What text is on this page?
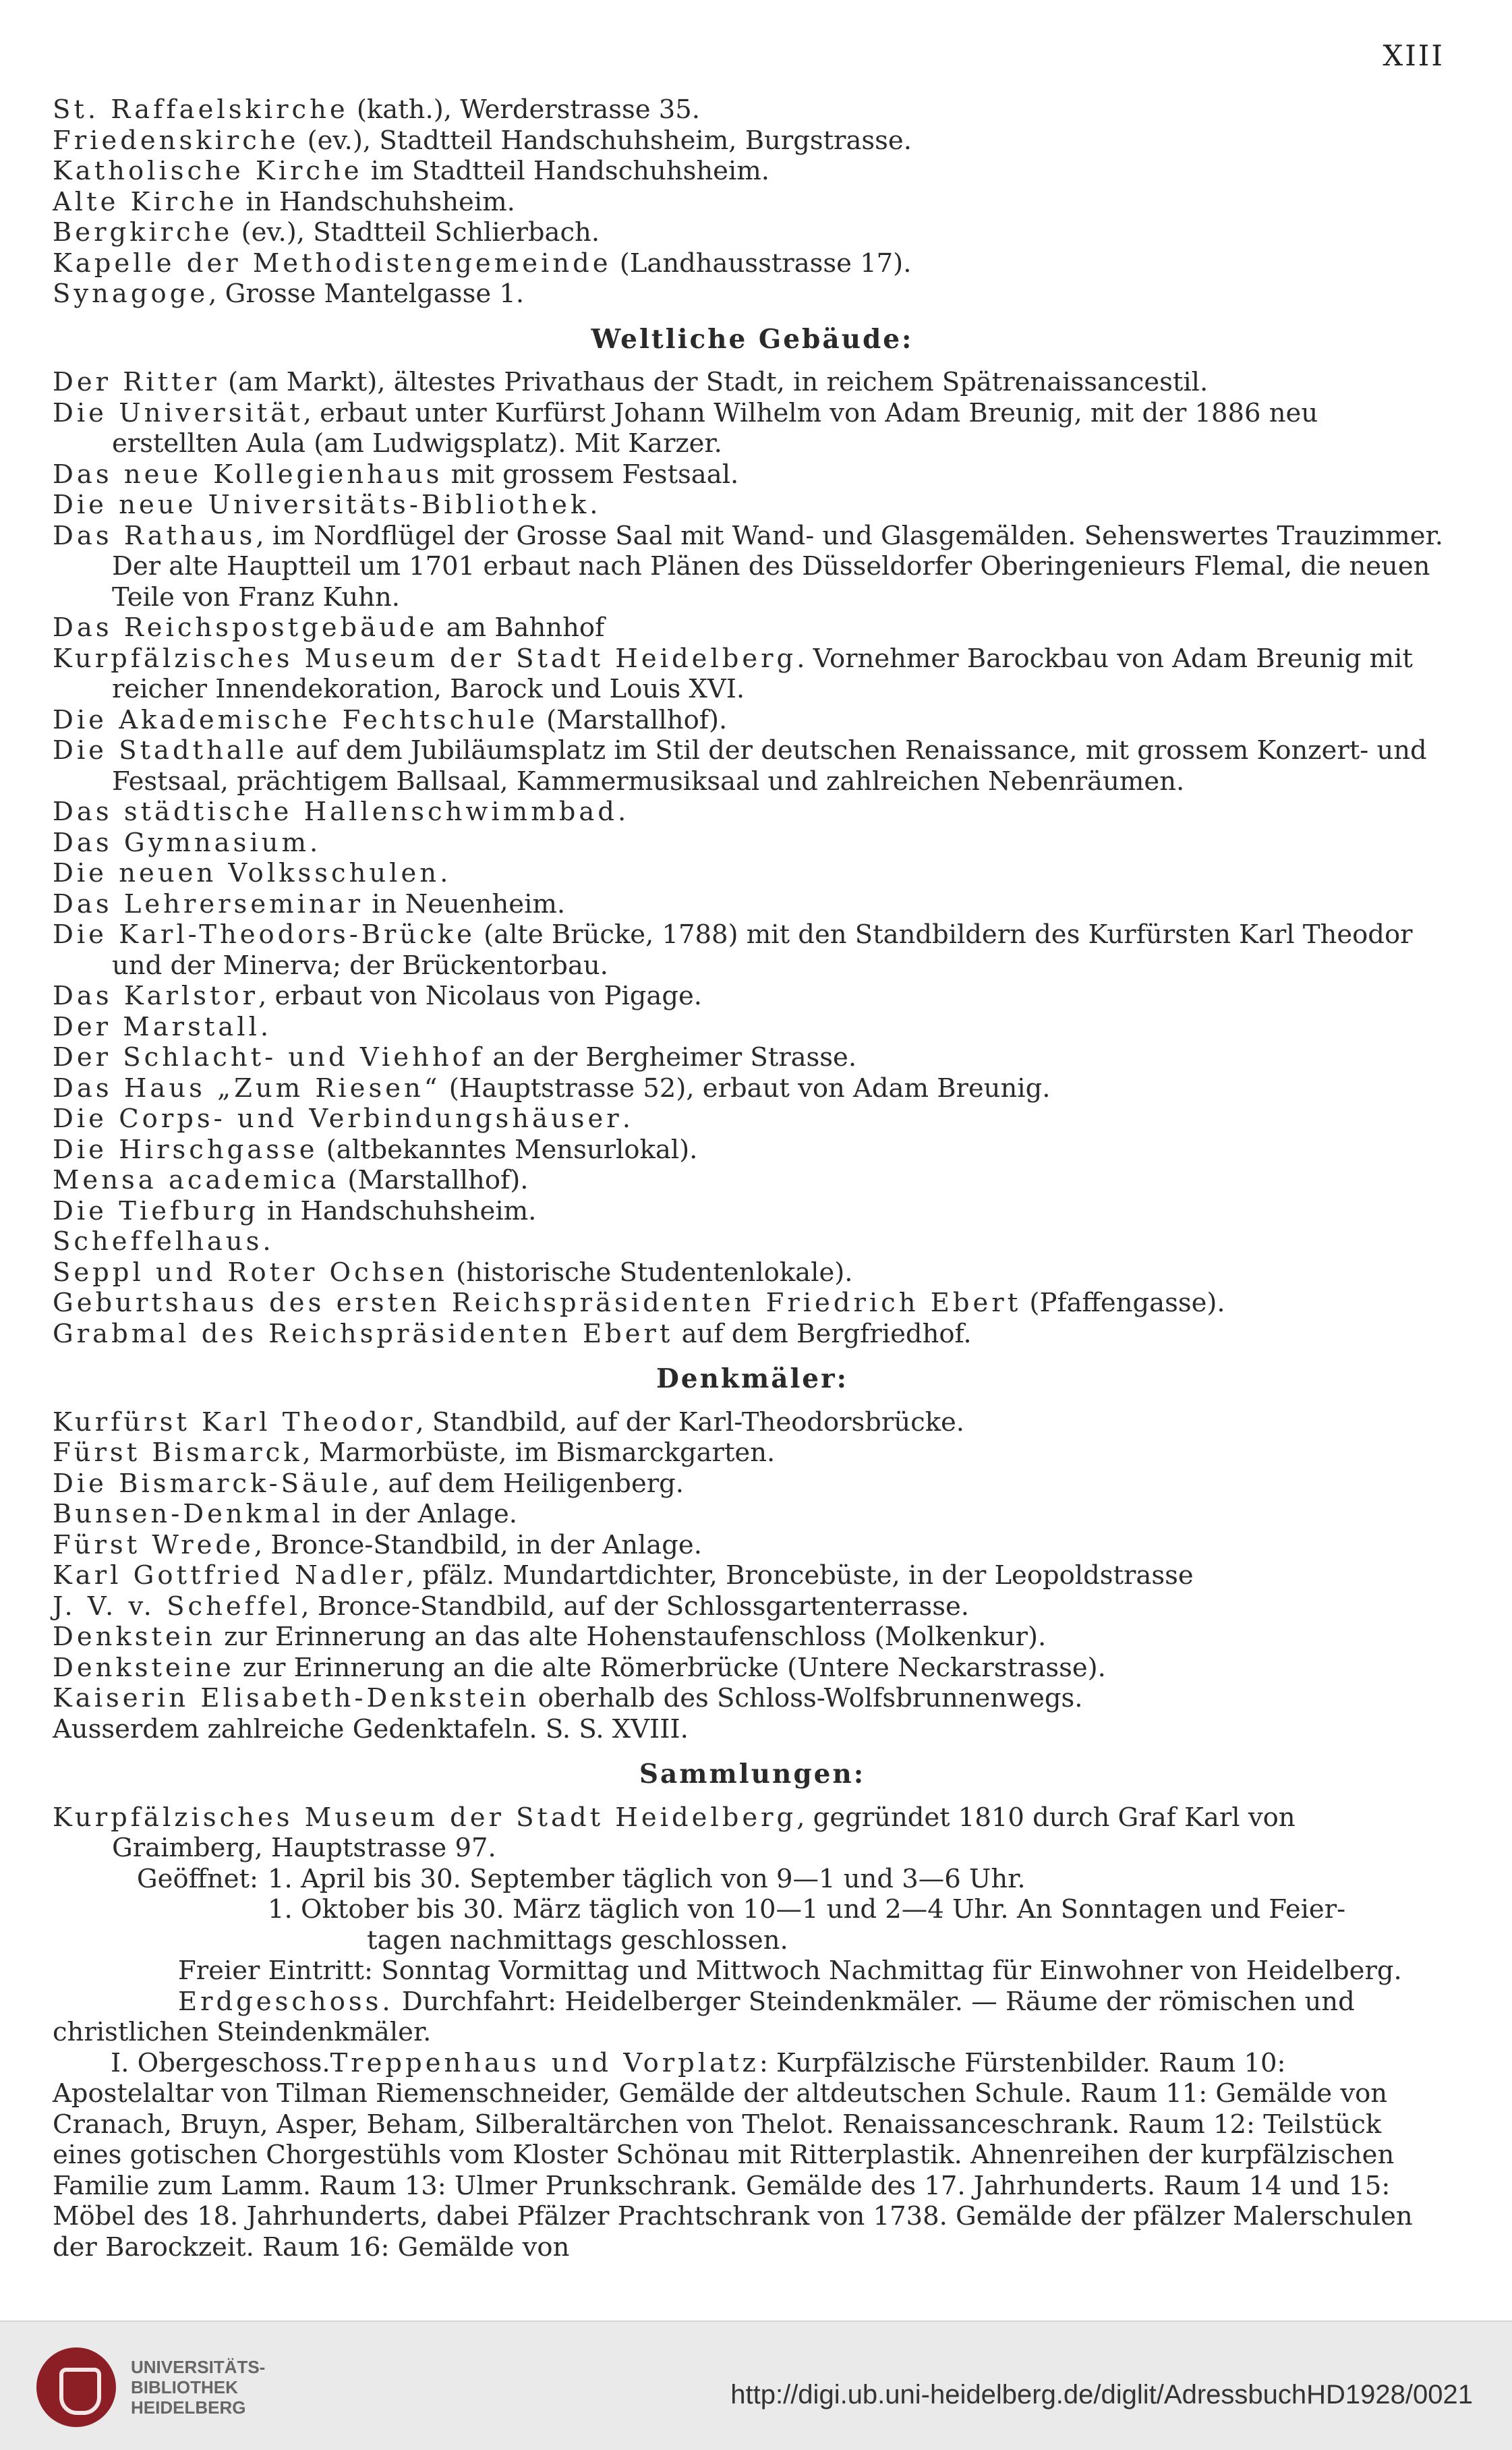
XIII

St. Raffaelskirche (kath.), Werderstrasse 35.

Friedenskirche (ev.), Stadtteil Handschuhsheim, Burgstrasse.

Katholische Kirche im Stadtteil Handschuhsheim.

Alte Kirche in Handschuhsheim.

Bergkirche (ev.), Stadtteil Schlierbach.

Kapelle der Methodistengemeinde (Landhausstrasse 17).

Synagoge, Grosse Mantelgasse 1.

Weltliche Gebäude:

Der Ritter (am Markt), ältestes Privathaus der Stadt, in reichem Spätrenaissancestil.

Die Universität, erbaut unter Kurfürst Johann Wilhelm von Adam Breunig, mit der 1886 neu erstellten Aula (am Ludwigsplatz). Mit Karzer.

Das neue Kollegienhaus mit grossem Festsaal.

Die neue Universitäts-Bibliothek.

Das Rathaus, im Nordflügel der Grosse Saal mit Wand- und Glasgemälden. Sehenswertes Trauzimmer. Der alte Hauptteil um 1701 erbaut nach Plänen des Düsseldorfer Oberingenieurs Flemal, die neuen Teile von Franz Kuhn.

Das Reichspostgebäude am Bahnhof

Kurpfälzisches Museum der Stadt Heidelberg. Vornehmer Barockbau von Adam Breunig mit reicher Innendekoration, Barock und Louis XVI.

Die Akademische Fechtschule (Marstallhof).

Die Stadthalle auf dem Jubiläumsplatz im Stil der deutschen Renaissance, mit grossem Konzert- und Festsaal, prächtigem Ballsaal, Kammermusiksaal und zahlreichen Nebenräumen.

Das städtische Hallenschwimmbad.

Das Gymnasium.

Die neuen Volksschulen.

Das Lehrerseminar in Neuenheim.

Die Karl-Theodors-Brücke (alte Brücke, 1788) mit den Standbildern des Kurfürsten Karl Theodor und der Minerva; der Brückentorbau.

Das Karlstor, erbaut von Nicolaus von Pigage.

Der Marstall.

Der Schlacht- und Viehhof an der Bergheimer Strasse.

Das Haus „Zum Riesen“ (Hauptstrasse 52), erbaut von Adam Breunig.

Die Corps- und Verbindungshäuser.

Die Hirschgasse (altbekanntes Mensurlokal).

Mensa academica (Marstallhof).

Die Tiefburg in Handschuhsheim.

Scheffelhaus.

Seppl und Roter Ochsen (historische Studentenlokale).

Geburtshaus des ersten Reichspräsidenten Friedrich Ebert (Pfaffengasse).

Grabmal des Reichspräsidenten Ebert auf dem Bergfriedhof.

Denkmäler:

Kurfürst Karl Theodor, Standbild, auf der Karl-Theodorsbrücke.

Fürst Bismarck, Marmorbüste, im Bismarckgarten.

Die Bismarck-Säule, auf dem Heiligenberg.

Bunsen-Denkmal in der Anlage.

Fürst Wrede, Bronce-Standbild, in der Anlage.

Karl Gottfried Nadler, pfälz. Mundartdichter, Broncebüste, in der Leopoldstrasse

J. V. v. Scheffel, Bronce-Standbild, auf der Schlossgartenterrasse.

Denkstein zur Erinnerung an das alte Hohenstaufenschloss (Molkenkur).

Denksteine zur Erinnerung an die alte Römerbrücke (Untere Neckarstrasse).

Kaiserin Elisabeth-Denkstein oberhalb des Schloss-Wolfsbrunnenwegs.

Ausserdem zahlreiche Gedenktafeln. S. S. XVIII.

Sammlungen:

Kurpfälzisches Museum der Stadt Heidelberg, gegründet 1810 durch Graf Karl von Graimberg, Hauptstrasse 97.

Geöffnet: 1. April bis 30. September täglich von 9—1 und 3—6 Uhr.
1. Oktober bis 30. März täglich von 10—1 und 2—4 Uhr. An Sonntagen und Feier-
tagen nachmittags geschlossen.

Freier Eintritt: Sonntag Vormittag und Mittwoch Nachmittag für Einwohner von Heidelberg.

Erdgeschoss. Durchfahrt: Heidelberger Steindenkmäler. — Räume der römischen und christlichen Steindenkmäler.

I. Obergeschoss.Treppenhaus und Vorplatz: Kurpfälzische Fürstenbilder. Raum 10: Apostelaltar von Tilman Riemenschneider, Gemälde der altdeutschen Schule. Raum 11: Gemälde von Cranach, Bruyn, Asper, Beham, Silberaltärchen von Thelot. Renaissanceschrank. Raum 12: Teilstück eines gotischen Chorgestühls vom Kloster Schönau mit Ritterplastik. Ahnenreihen der kurpfälzischen Familie zum Lamm. Raum 13: Ulmer Prunkschrank. Gemälde des 17. Jahrhunderts. Raum 14 und 15: Möbel des 18. Jahrhunderts, dabei Pfälzer Prachtschrank von 1738. Gemälde der pfälzer Malerschulen der Barockzeit. Raum 16: Gemälde von

UNIVERSITÄTS-
BIBLIOTHEK
HEIDELBERG	http://digi.ub.uni-heidelberg.de/diglit/AdressbuchHD1928/0021
